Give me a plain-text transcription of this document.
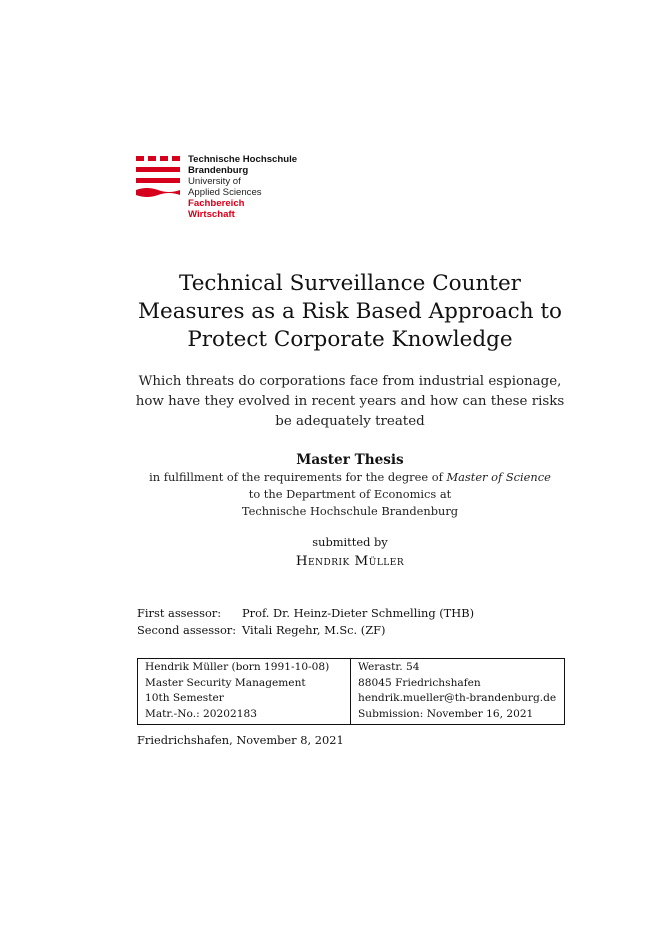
Technische Hochschule
Brandenburg
University of
Applied Sciences
Fachbereich
Wirtschaft
Technical Surveillance Counter
Measures as a Risk Based Approach to
Protect Corporate Knowledge
Which threats do corporations face from industrial espionage,
how have they evolved in recent years and how can these risks
be adequately treated
Master Thesis
in fulfillment of the requirements for the degree of Master of Science
to the Department of Economics at
Technische Hochschule Brandenburg
submitted by
Hendrik Müller
First assessor:	Prof. Dr. Heinz-Dieter Schmelling (THB)
Second assessor: Vitali Regehr, M.Sc. (ZF)
Hendrik Müller (born 1991-10-08)
Master Security Management
10th Semester
Matr.-No.: 20202183
Werastr. 54
88045 Friedrichshafen
hendrik.mueller@th-brandenburg.de
Submission: November 16, 2021
Friedrichshafen, November 8, 2021
